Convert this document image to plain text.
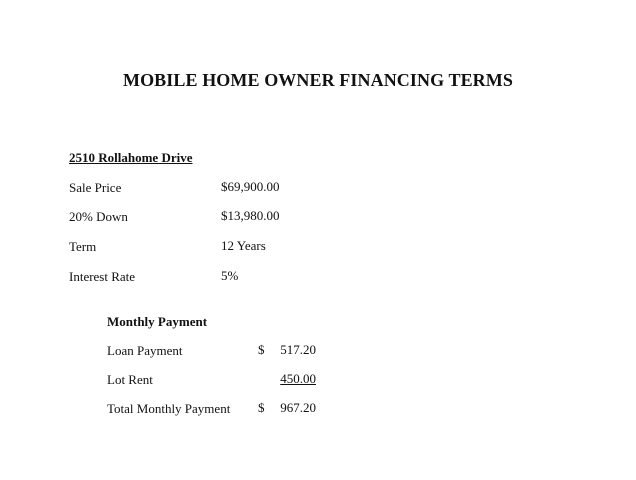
MOBILE HOME OWNER FINANCING TERMS
2510 Rollahome Drive
Sale Price	$69,900.00
20% Down	$13,980.00
Term	12 Years
Interest Rate	5%
Monthly Payment
Loan Payment	$	517.20
Lot Rent	450.00
Total Monthly Payment $	967.20
